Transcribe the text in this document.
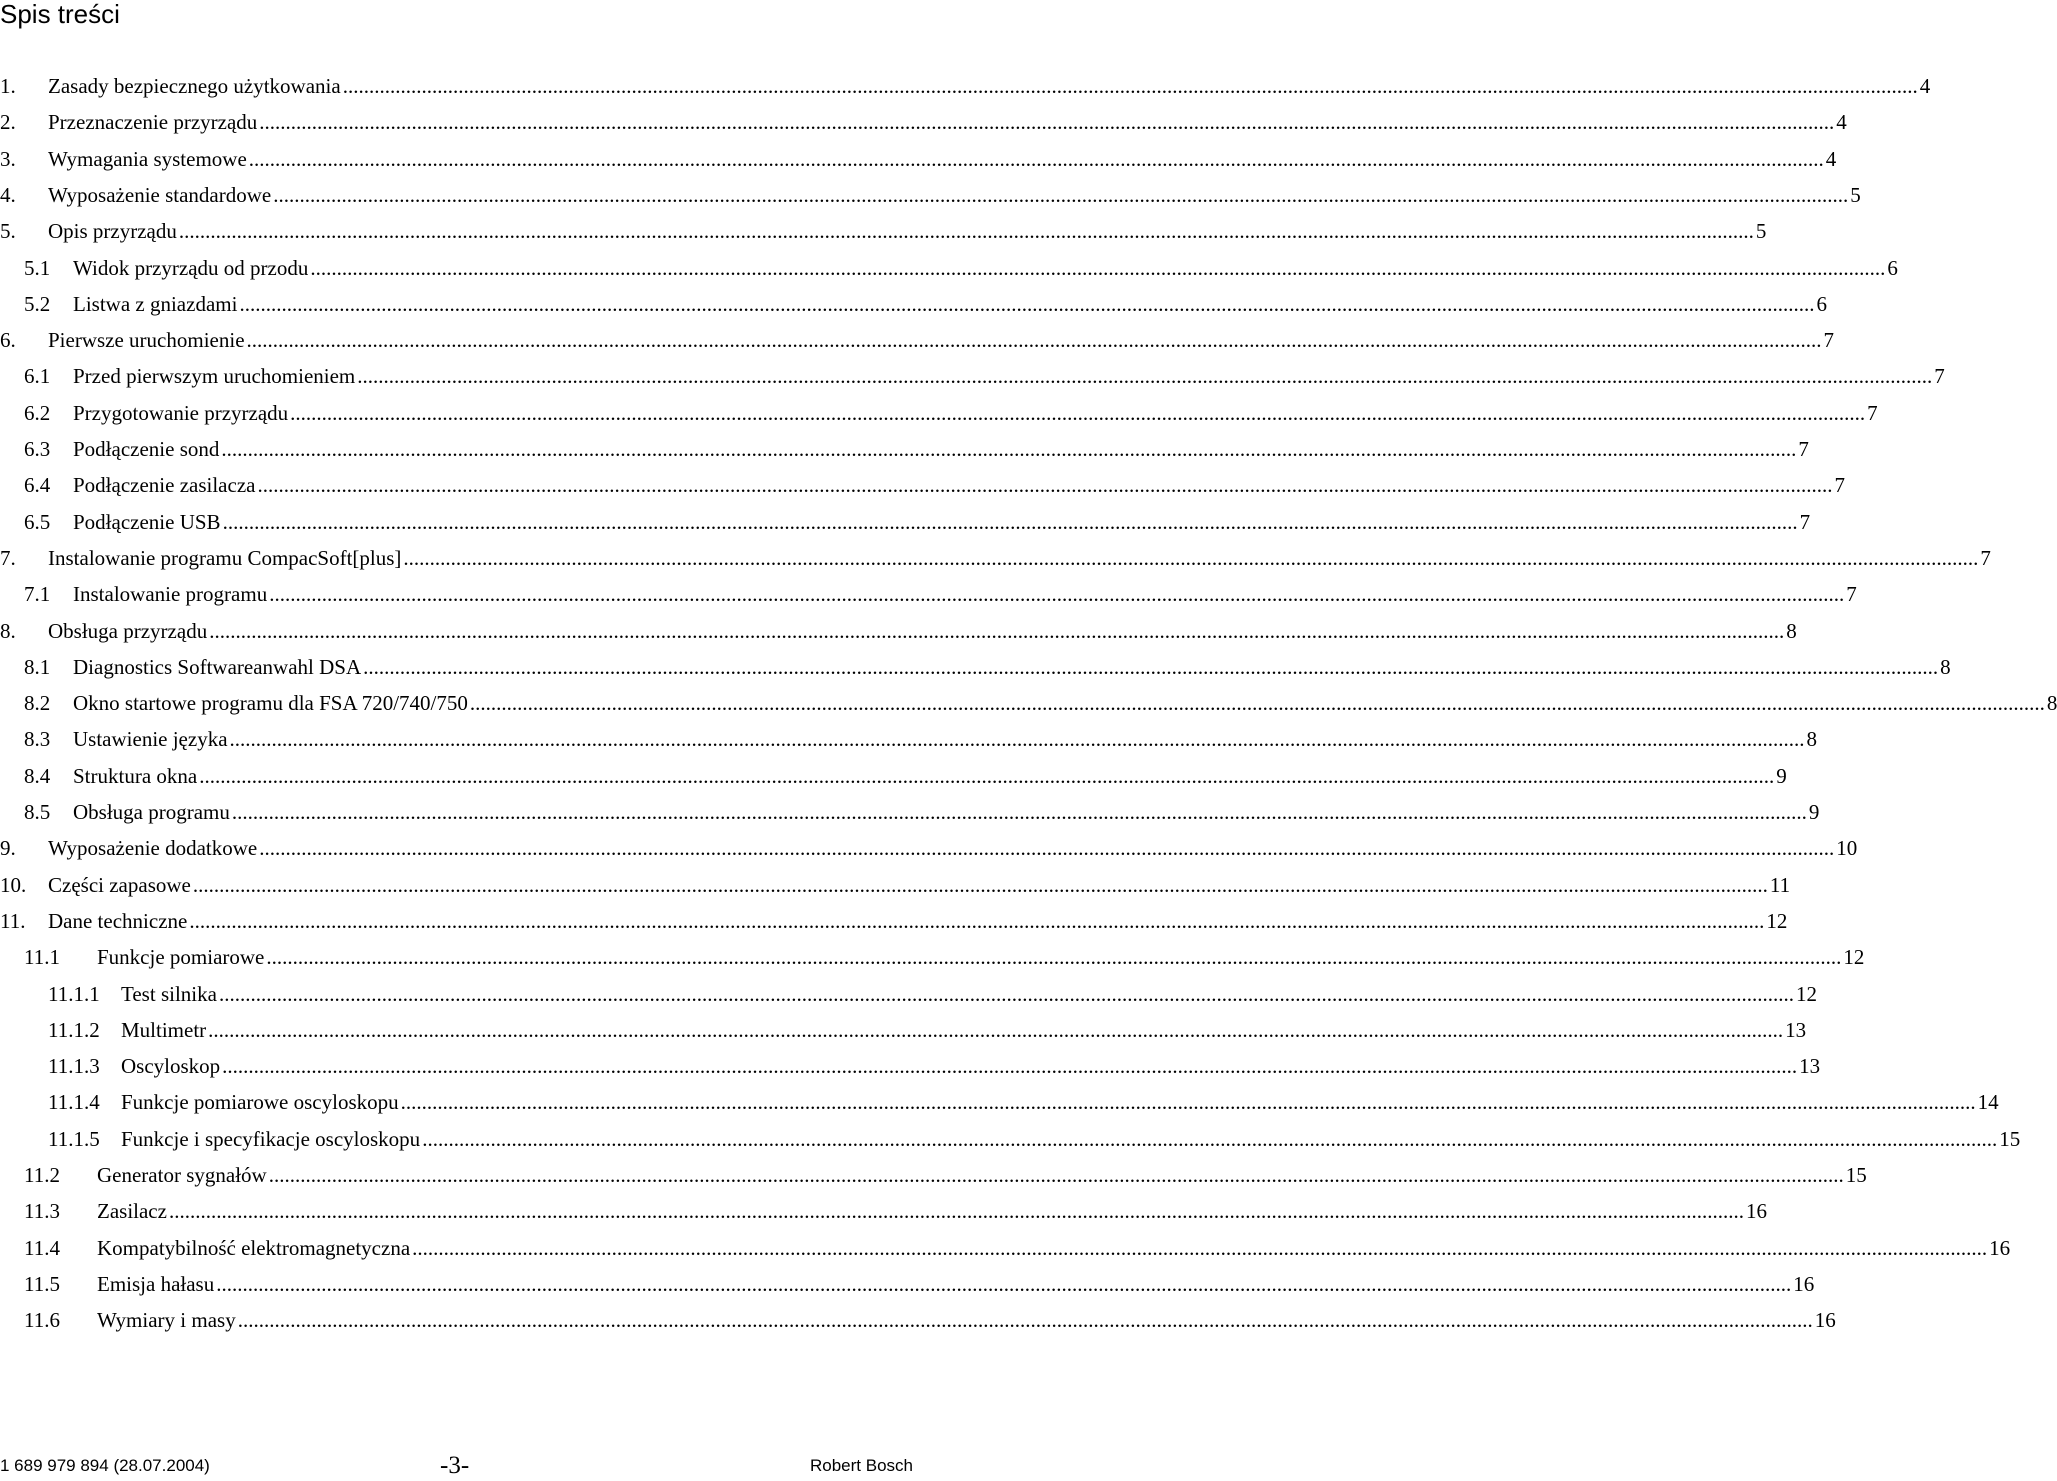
Spis treści
1. Zasady bezpiecznego użytkowania ............................................................................................................................................................................................................................................................................................................ 4
2. Przeznaczenie przyrządu ............................................................................................................................................................................................................................................................................................................ 4
3. Wymagania systemowe ............................................................................................................................................................................................................................................................................................................ 4
4. Wyposażenie standardowe ............................................................................................................................................................................................................................................................................................................ 5
5. Opis przyrządu ............................................................................................................................................................................................................................................................................................................ 5
5.1 Widok przyrządu od przodu ............................................................................................................................................................................................................................................................................................................ 6
5.2 Listwa z gniazdami ............................................................................................................................................................................................................................................................................................................ 6
6. Pierwsze uruchomienie ............................................................................................................................................................................................................................................................................................................ 7
6.1 Przed pierwszym uruchomieniem ............................................................................................................................................................................................................................................................................................................ 7
6.2 Przygotowanie przyrządu ............................................................................................................................................................................................................................................................................................................ 7
6.3 Podłączenie sond ............................................................................................................................................................................................................................................................................................................ 7
6.4 Podłączenie zasilacza ............................................................................................................................................................................................................................................................................................................ 7
6.5 Podłączenie USB ............................................................................................................................................................................................................................................................................................................ 7
7. Instalowanie programu CompacSoft[plus] ............................................................................................................................................................................................................................................................................................................ 7
7.1 Instalowanie programu ............................................................................................................................................................................................................................................................................................................ 7
8. Obsługa przyrządu ............................................................................................................................................................................................................................................................................................................ 8
8.1 Diagnostics Softwareanwahl DSA ............................................................................................................................................................................................................................................................................................................ 8
8.2 Okno startowe programu dla FSA 720/740/750 ............................................................................................................................................................................................................................................................................................................ 8
8.3 Ustawienie języka ............................................................................................................................................................................................................................................................................................................ 8
8.4 Struktura okna ............................................................................................................................................................................................................................................................................................................ 9
8.5 Obsługa programu ............................................................................................................................................................................................................................................................................................................ 9
9. Wyposażenie dodatkowe ............................................................................................................................................................................................................................................................................................................ 10
10. Części zapasowe ............................................................................................................................................................................................................................................................................................................ 11
11. Dane techniczne ............................................................................................................................................................................................................................................................................................................ 12
11.1 Funkcje pomiarowe ............................................................................................................................................................................................................................................................................................................ 12
11.1.1 Test silnika ............................................................................................................................................................................................................................................................................................................ 12
11.1.2 Multimetr ............................................................................................................................................................................................................................................................................................................ 13
11.1.3 Oscyloskop ............................................................................................................................................................................................................................................................................................................ 13
11.1.4 Funkcje pomiarowe oscyloskopu ............................................................................................................................................................................................................................................................................................................ 14
11.1.5 Funkcje i specyfikacje oscyloskopu ............................................................................................................................................................................................................................................................................................................ 15
11.2 Generator sygnałów ............................................................................................................................................................................................................................................................................................................ 15
11.3 Zasilacz ............................................................................................................................................................................................................................................................................................................ 16
11.4 Kompatybilność elektromagnetyczna ............................................................................................................................................................................................................................................................................................................ 16
11.5 Emisja hałasu ............................................................................................................................................................................................................................................................................................................ 16
11.6 Wymiary i masy ............................................................................................................................................................................................................................................................................................................ 16
1 689 979 894 (28.07.2004)	-3-	Robert Bosch
